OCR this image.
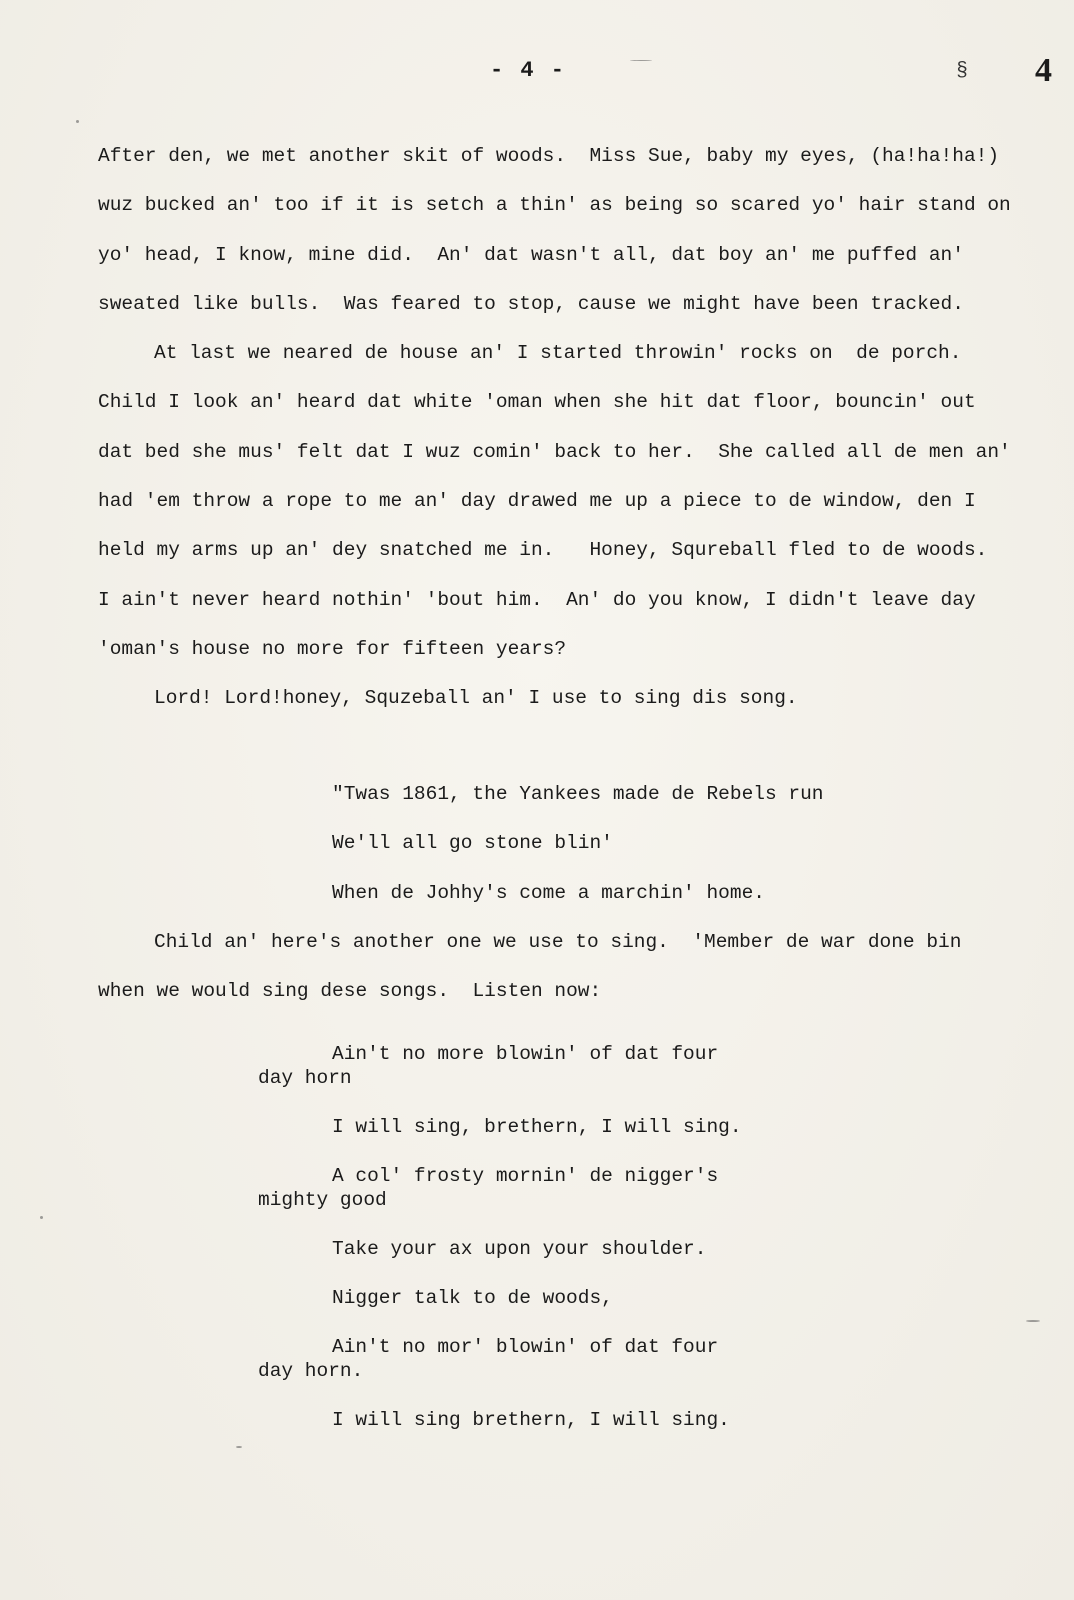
- 4 -	§ 4

After den, we met another skit of woods.  Miss Sue, baby my eyes, (ha!ha!ha!) wuz bucked an' too if it is setch a thin' as being so scared yo' hair stand on yo' head, I know, mine did.  An' dat wasn't all, dat boy an' me puffed an' sweated like bulls.  Was feared to stop, cause we might have been tracked.

At last we neared de house an' I started throwin' rocks on  de porch. Child I look an' heard dat white 'oman when she hit dat floor, bouncin' out dat bed she mus' felt dat I wuz comin' back to her.  She called all de men an' had 'em throw a rope to me an' day drawed me up a piece to de window, den I held my arms up an' dey snatched me in.   Honey, Squreball fled to de woods.  I ain't never heard nothin' 'bout him.  An' do you know, I didn't leave day 'oman's house no more for fifteen years?

Lord! Lord!honey, Squzeball an' I use to sing dis song.

"Twas 1861, the Yankees made de Rebels run
We'll all go stone blin'
When de Johhy's come a marchin' home.

Child an' here's another one we use to sing.  'Member de war done bin when we would sing dese songs.  Listen now:

Ain't no more blowin' of dat four
day horn
I will sing, brethern, I will sing.
A col' frosty mornin' de nigger's
mighty good
Take your ax upon your shoulder.
Nigger talk to de woods,
Ain't no mor' blowin' of dat four
day horn.
I will sing brethern, I will sing.
